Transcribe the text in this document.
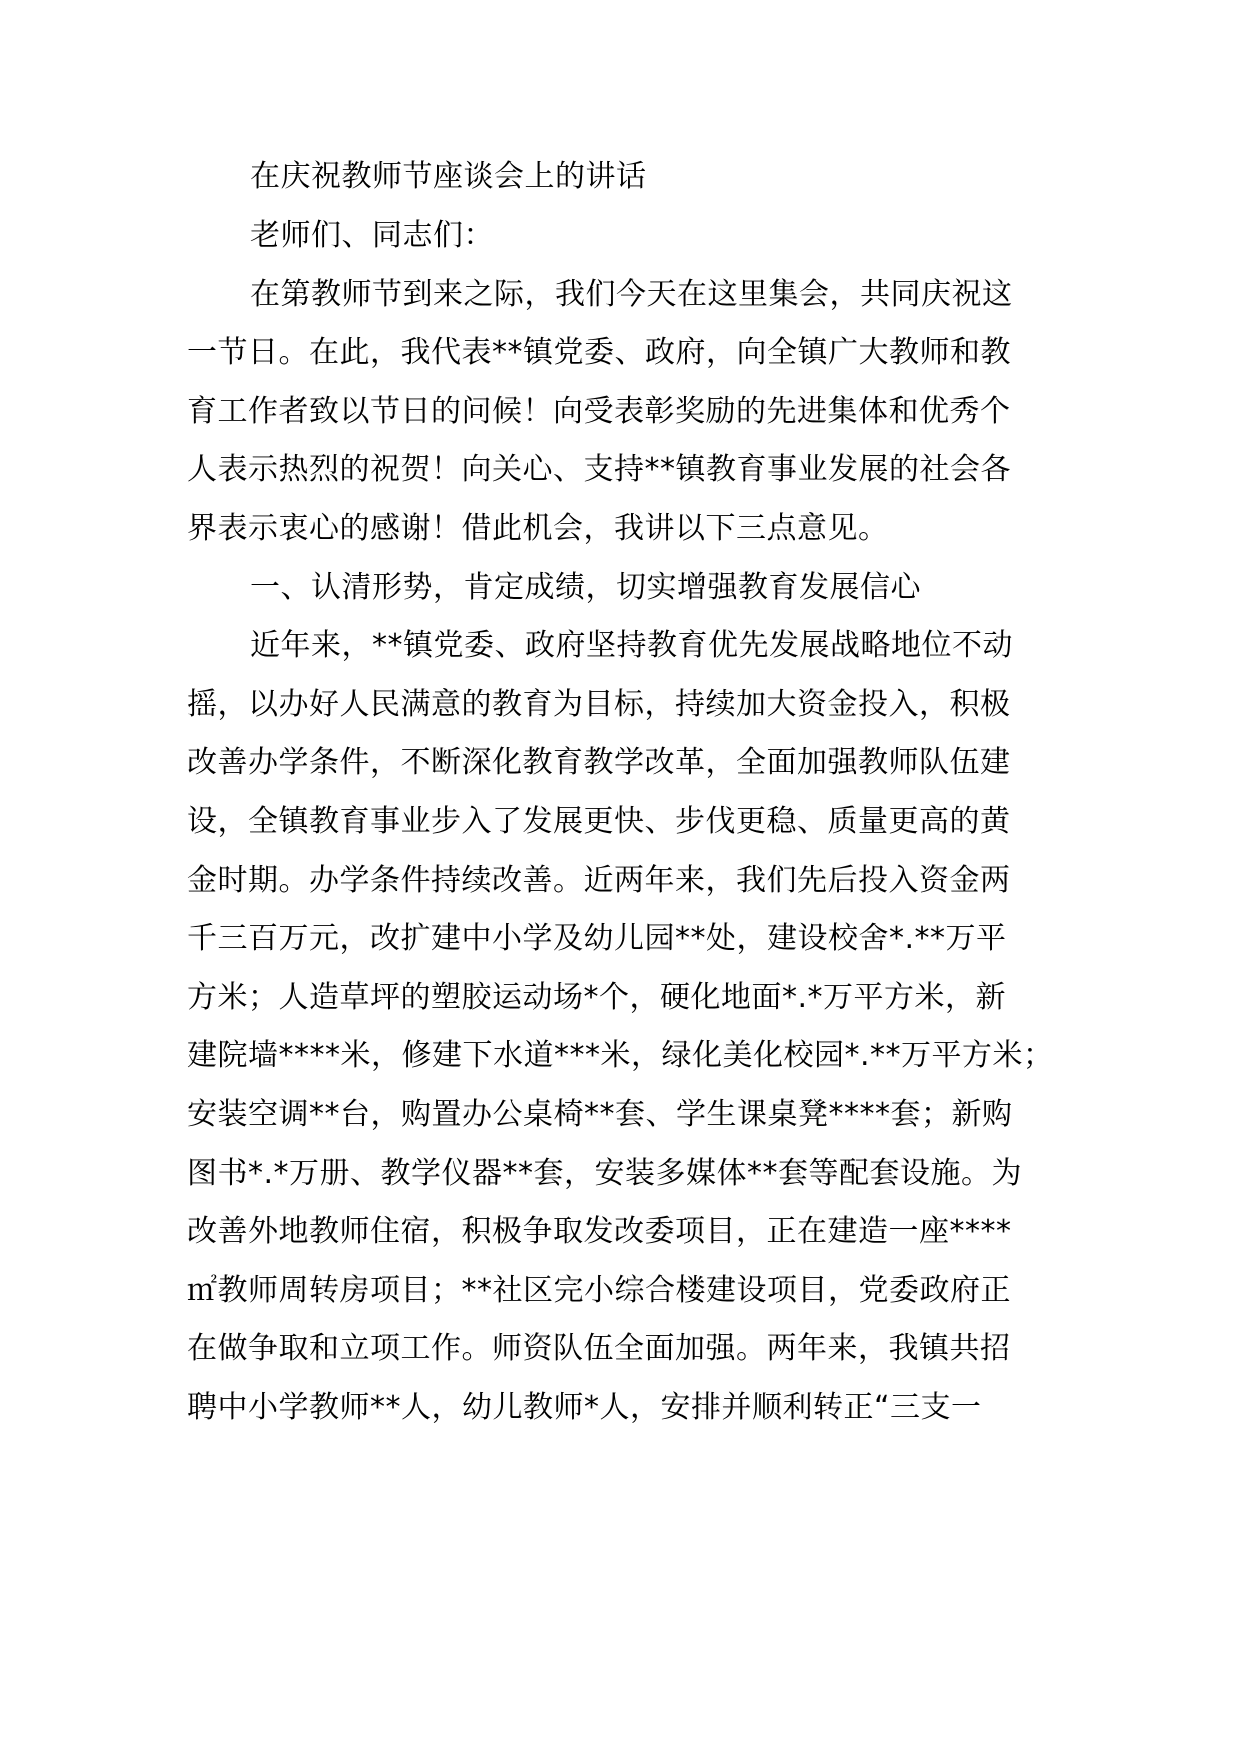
在庆祝教师节座谈会上的讲话
老师们、同志们：
在第教师节到来之际，我们今天在这里集会，共同庆祝这
一节日。在此，我代表**镇党委、政府，向全镇广大教师和教
育工作者致以节日的问候！向受表彰奖励的先进集体和优秀个
人表示热烈的祝贺！向关心、支持**镇教育事业发展的社会各
界表示衷心的感谢！借此机会，我讲以下三点意见。
一、认清形势，肯定成绩，切实增强教育发展信心
近年来，**镇党委、政府坚持教育优先发展战略地位不动
摇，以办好人民满意的教育为目标，持续加大资金投入，积极
改善办学条件，不断深化教育教学改革，全面加强教师队伍建
设，全镇教育事业步入了发展更快、步伐更稳、质量更高的黄
金时期。办学条件持续改善。近两年来，我们先后投入资金两
千三百万元，改扩建中小学及幼儿园**处，建设校舍*.**万平
方米；人造草坪的塑胶运动场*个，硬化地面*.*万平方米，新
建院墙****米，修建下水道***米，绿化美化校园*.**万平方米；
安装空调**台，购置办公桌椅**套、学生课桌凳****套；新购
图书*.*万册、教学仪器**套，安装多媒体**套等配套设施。为
改善外地教师住宿，积极争取发改委项目，正在建造一座****
㎡教师周转房项目；**社区完小综合楼建设项目，党委政府正
在做争取和立项工作。师资队伍全面加强。两年来，我镇共招
聘中小学教师**人，幼儿教师*人，安排并顺利转正“三支一
